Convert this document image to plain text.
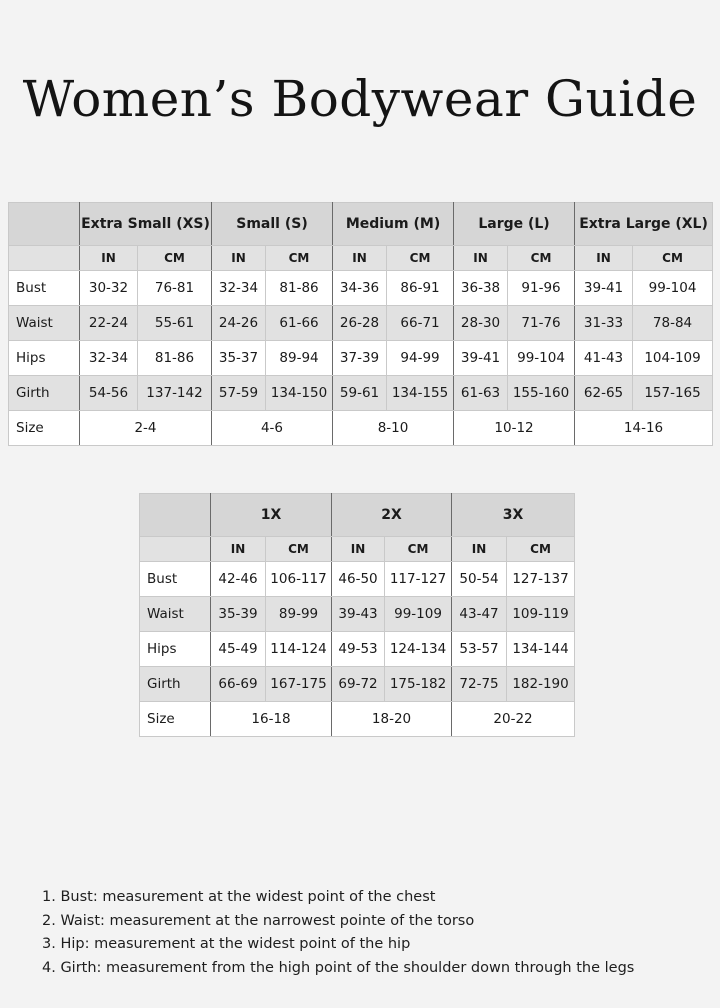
Women’s Bodywear Guide
	Extra Small (XS)		Small (S)		Medium (M)		Large (L)		Extra Large (XL)	
	IN	CM	IN	CM	IN	CM	IN	CM	IN	CM
Bust	30-32	76-81	32-34	81-86	34-36	86-91	36-38	91-96	39-41	99-104
Waist	22-24	55-61	24-26	61-66	26-28	66-71	28-30	71-76	31-33	78-84
Hips	32-34	81-86	35-37	89-94	37-39	94-99	39-41	99-104	41-43	104-109
Girth	54-56	137-142	57-59	134-150	59-61	134-155	61-63	155-160	62-65	157-165
Size	2-4		4-6		8-10		10-12		14-16	
	1X		2X		3X	
	IN	CM	IN	CM	IN	CM
Bust	42-46	106-117	46-50	117-127	50-54	127-137
Waist	35-39	89-99	39-43	99-109	43-47	109-119
Hips	45-49	114-124	49-53	124-134	53-57	134-144
Girth	66-69	167-175	69-72	175-182	72-75	182-190
Size	16-18		18-20		20-22	
1. Bust: measurement at the widest point of the chest
2. Waist: measurement at the narrowest pointe of the torso
3. Hip: measurement at the widest point of the hip
4. Girth: measurement from the high point of the shoulder down through the legs
